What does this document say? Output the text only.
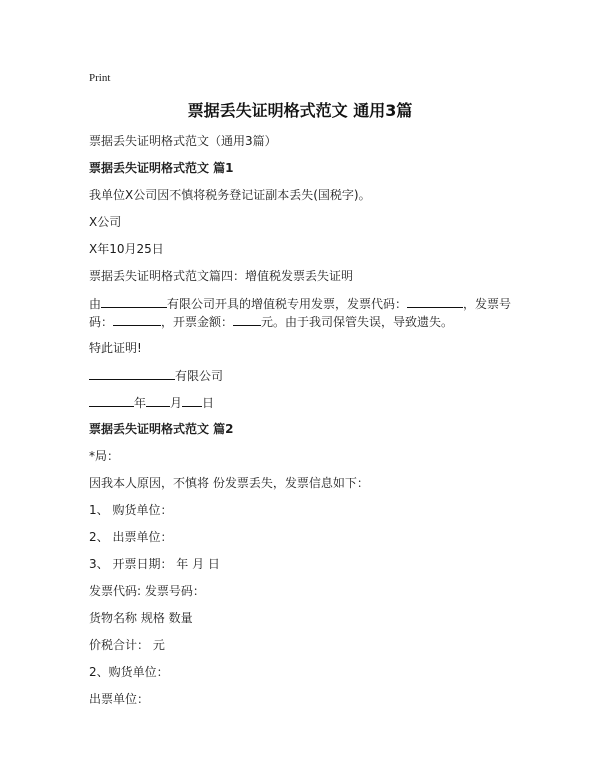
Print
票据丢失证明格式范文 通用3篇
票据丢失证明格式范文（通用3篇）
票据丢失证明格式范文 篇1
我单位X公司因不慎将税务登记证副本丢失(国税字)。
X公司
X年10月25日
票据丢失证明格式范文篇四：增值税发票丢失证明
由	有限公司开具的增值税专用发票，发票代码：	，发票号
码：	，开票金额： 元。由于我司保管失误，导致遗失。
特此证明!
有限公司
年 月 日
票据丢失证明格式范文 篇2
*局：
因我本人原因，不慎将 份发票丢失，发票信息如下：
1、 购货单位：
2、 出票单位：
3、 开票日期： 年 月 日
发票代码: 发票号码：
货物名称 规格 数量
价税合计： 元
2、购货单位：
出票单位：
